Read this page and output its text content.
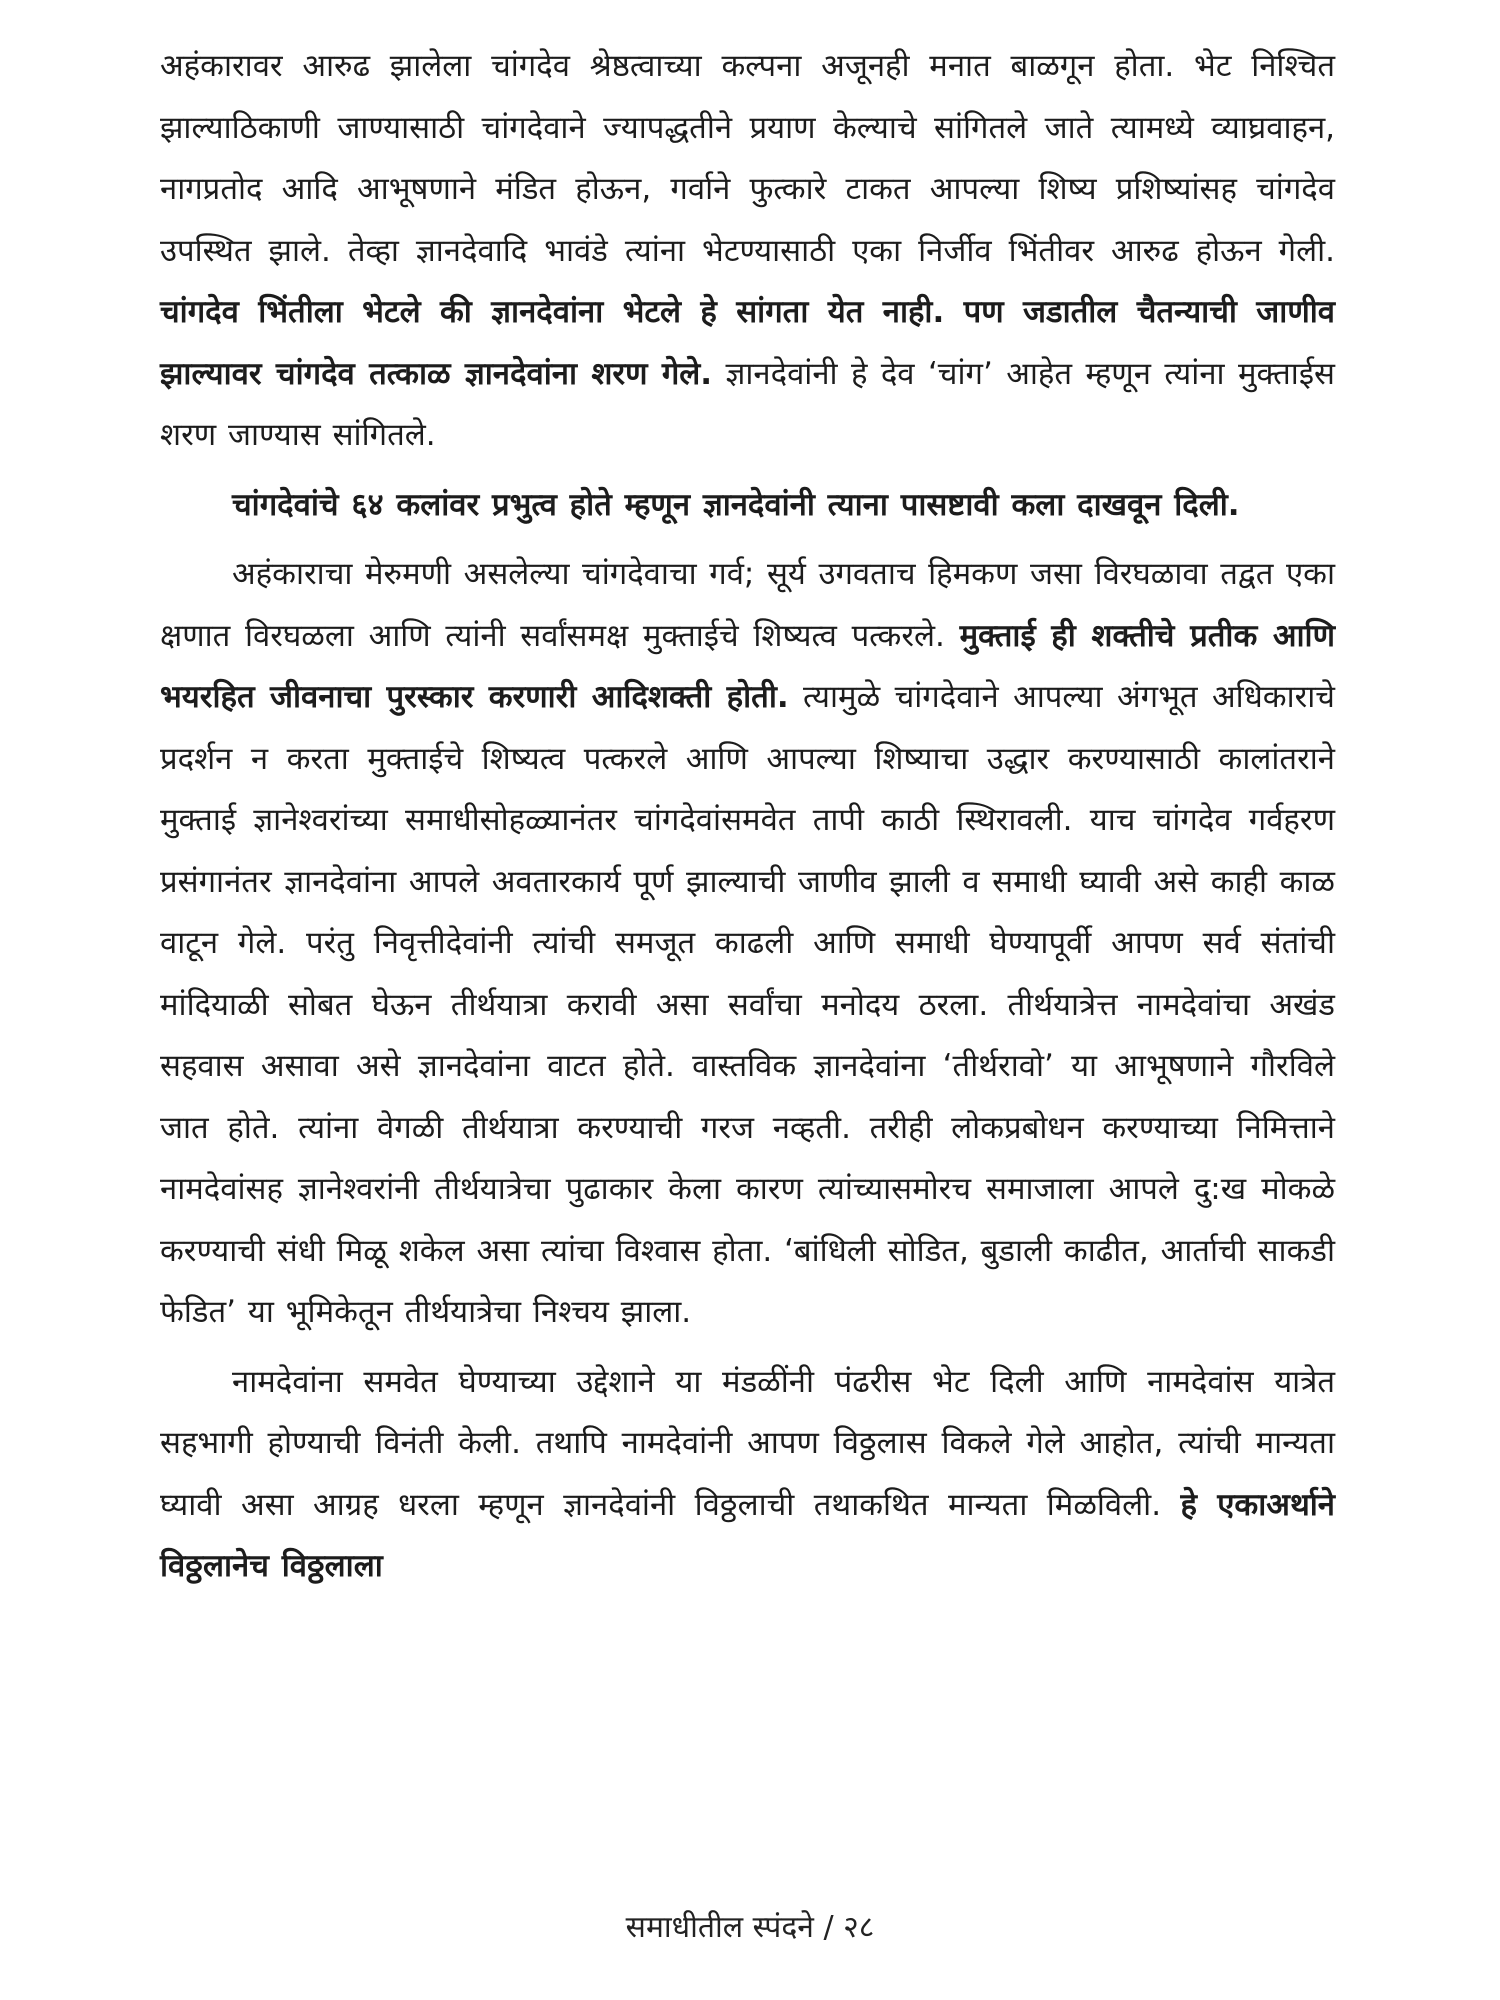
अहंकारावर आरुढ झालेला चांगदेव श्रेष्ठत्वाच्या कल्पना अजूनही मनात बाळगून होता. भेट निश्चित झाल्याठिकाणी जाण्यासाठी चांगदेवाने ज्यापद्धतीने प्रयाण केल्याचे सांगितले जाते त्यामध्ये व्याघ्रवाहन, नागप्रतोद आदि आभूषणाने मंडित होऊन, गर्वाने फुत्कारे टाकत आपल्या शिष्य प्रशिष्यांसह चांगदेव उपस्थित झाले. तेव्हा ज्ञानदेवादि भावंडे त्यांना भेटण्यासाठी एका निर्जीव भिंतीवर आरुढ होऊन गेली. चांगदेव भिंतीला भेटले की ज्ञानदेवांना भेटले हे सांगता येत नाही. पण जडातील चैतन्याची जाणीव झाल्यावर चांगदेव तत्काळ ज्ञानदेवांना शरण गेले. ज्ञानदेवांनी हे देव ‘चांग’ आहेत म्हणून त्यांना मुक्ताईस शरण जाण्यास सांगितले.

चांगदेवांचे ६४ कलांवर प्रभुत्व होते म्हणून ज्ञानदेवांनी त्याना पासष्टावी कला दाखवून दिली.

अहंकाराचा मेरुमणी असलेल्या चांगदेवाचा गर्व; सूर्य उगवताच हिमकण जसा विरघळावा तद्वत एका क्षणात विरघळला आणि त्यांनी सर्वांसमक्ष मुक्ताईचे शिष्यत्व पत्करले. मुक्ताई ही शक्तीचे प्रतीक आणि भयरहित जीवनाचा पुरस्कार करणारी आदिशक्ती होती. त्यामुळे चांगदेवाने आपल्या अंगभूत अधिकाराचे प्रदर्शन न करता मुक्ताईचे शिष्यत्व पत्करले आणि आपल्या शिष्याचा उद्धार करण्यासाठी कालांतराने मुक्ताई ज्ञानेश्वरांच्या समाधीसोहळ्यानंतर चांगदेवांसमवेत तापी काठी स्थिरावली. याच चांगदेव गर्वहरण प्रसंगानंतर ज्ञानदेवांना आपले अवतारकार्य पूर्ण झाल्याची जाणीव झाली व समाधी घ्यावी असे काही काळ वाटून गेले. परंतु निवृत्तीदेवांनी त्यांची समजूत काढली आणि समाधी घेण्यापूर्वी आपण सर्व संतांची मांदियाळी सोबत घेऊन तीर्थयात्रा करावी असा सर्वांचा मनोदय ठरला. तीर्थयात्रेत्त नामदेवांचा अखंड सहवास असावा असे ज्ञानदेवांना वाटत होते. वास्तविक ज्ञानदेवांना ‘तीर्थरावो’ या आभूषणाने गौरविले जात होते. त्यांना वेगळी तीर्थयात्रा करण्याची गरज नव्हती. तरीही लोकप्रबोधन करण्याच्या निमित्ताने नामदेवांसह ज्ञानेश्वरांनी तीर्थयात्रेचा पुढाकार केला कारण त्यांच्यासमोरच समाजाला आपले दु:ख मोकळे करण्याची संधी मिळू शकेल असा त्यांचा विश्वास होता. ‘बांधिली सोडित, बुडाली काढीत, आर्ताची साकडी फेडित’ या भूमिकेतून तीर्थयात्रेचा निश्चय झाला.

नामदेवांना समवेत घेण्याच्या उद्देशाने या मंडळींनी पंढरीस भेट दिली आणि नामदेवांस यात्रेत सहभागी होण्याची विनंती केली. तथापि नामदेवांनी आपण विठ्ठलास विकले गेले आहोत, त्यांची मान्यता घ्यावी असा आग्रह धरला म्हणून ज्ञानदेवांनी विठ्ठलाची तथाकथित मान्यता मिळविली. हे एकाअर्थाने विठ्ठलानेच विठ्ठलाला

समाधीतील स्पंदने / २८
